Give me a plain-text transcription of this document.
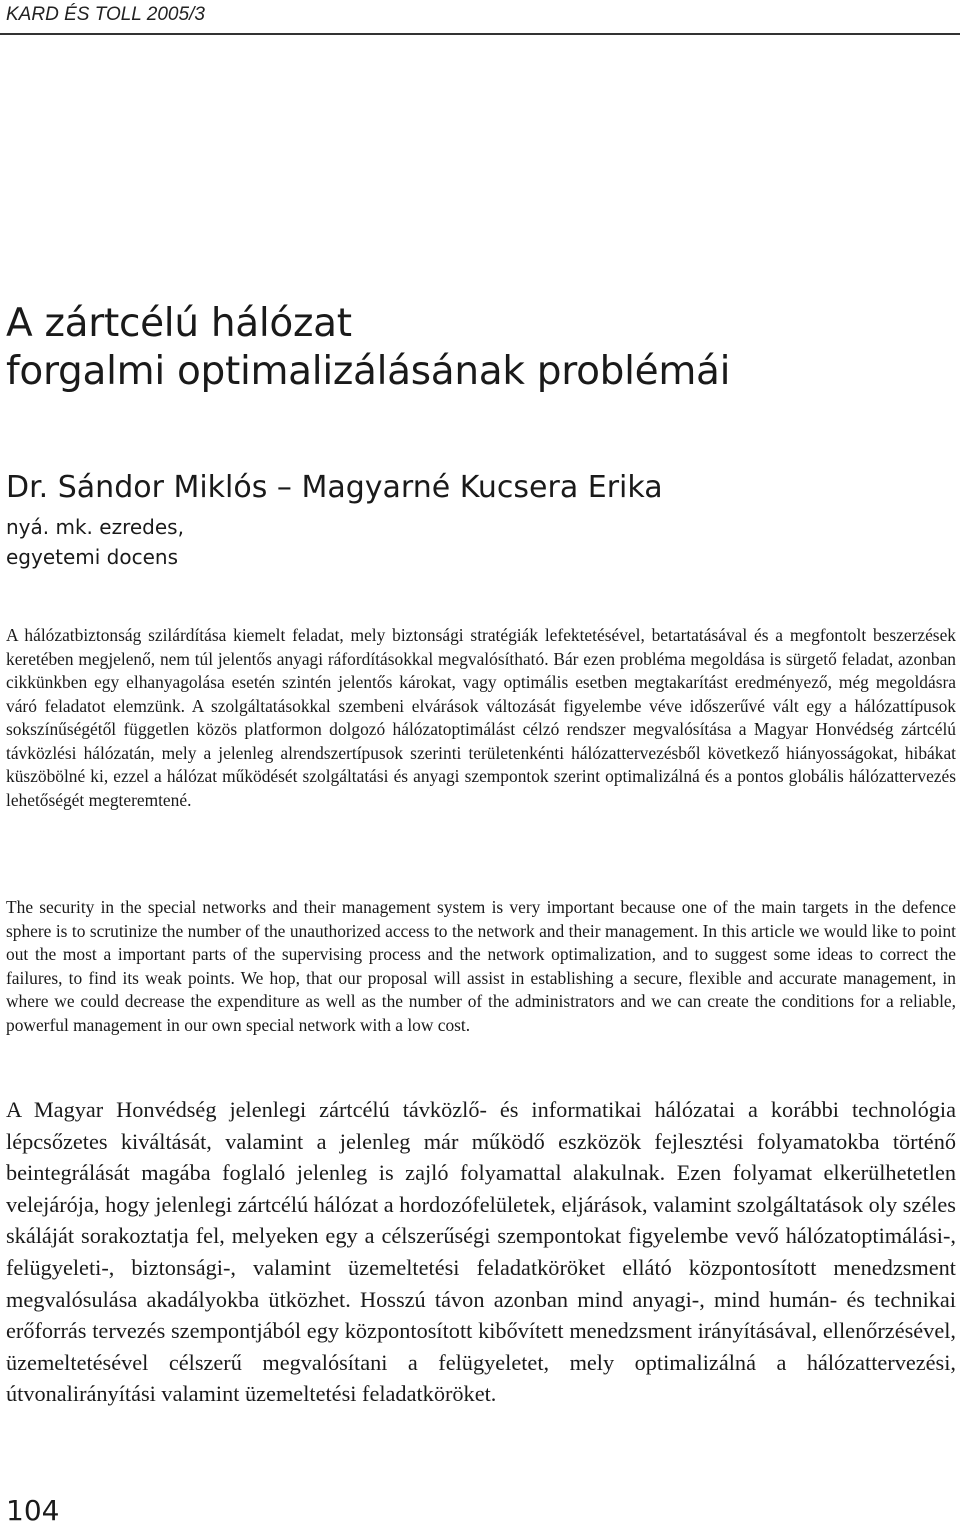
KARD ÉS TOLL 2005/3
A zártcélú hálózat
forgalmi optimalizálásának problémái
Dr. Sándor Miklós – Magyarné Kucsera Erika
nyá. mk. ezredes,
egyetemi docens

A hálózatbiztonság szilárdítása kiemelt feladat, mely biztonsági stratégiák lefektetésével, betartatásával és a megfontolt beszerzések keretében megjelenő, nem túl jelentős anyagi ráfordításokkal megvalósítható. Bár ezen probléma megoldása is sürgető feladat, azonban cikkünkben egy elhanyagolása esetén szintén jelentős károkat, vagy optimális esetben megtakarítást eredményező, még megoldásra váró feladatot elemzünk. A szolgáltatásokkal szembeni elvárások változását figyelembe véve időszerűvé vált egy a hálózattípusok sokszínűségétől független közös platformon dolgozó hálózatoptimálást célzó rendszer megvalósítása a Magyar Honvédség zártcélú távközlési hálózatán, mely a jelenleg alrendszertípusok szerinti területenkénti hálózattervezésből következő hiányosságokat, hibákat küszöbölné ki, ezzel a hálózat működését szolgáltatási és anyagi szempontok szerint optimalizálná és a pontos globális hálózattervezés lehetőségét megteremtené.

The security in the special networks and their management system is very important because one of the main targets in the defence sphere is to scrutinize the number of the unauthorized access to the network and their management. In this article we would like to point out the most a important parts of the supervising process and the network optimalization, and to suggest some ideas to correct the failures, to find its weak points. We hop, that our proposal will assist in establishing a secure, flexible and accurate management, in where we could decrease the expenditure as well as the number of the administrators and we can create the conditions for a reliable, powerful management in our own special network with a low cost.

A Magyar Honvédség jelenlegi zártcélú távközlő- és informatikai hálózatai a korábbi technológia lépcsőzetes kiváltását, valamint a jelenleg már működő eszközök fejlesztési folyamatokba történő beintegrálását magába foglaló jelenleg is zajló folyamattal alakulnak. Ezen folyamat elkerülhetetlen velejárója, hogy jelenlegi zártcélú hálózat a hordozófelületek, eljárások, valamint szolgáltatások oly széles skáláját sorakoztatja fel, melyeken egy a célszerűségi szempontokat figyelembe vevő hálózatoptimálási-, felügyeleti-, biztonsági-, valamint üzemeltetési feladatköröket ellátó központosított menedzsment megvalósulása akadályokba ütközhet. Hosszú távon azonban mind anyagi-, mind humán- és technikai erőforrás tervezés szempontjából egy központosított kibővített menedzsment irányításával, ellenőrzésével, üzemeltetésével célszerű megvalósítani a felügyeletet, mely optimalizálná a hálózattervezési, útvonalirányítási valamint üzemeltetési feladatköröket.

104
